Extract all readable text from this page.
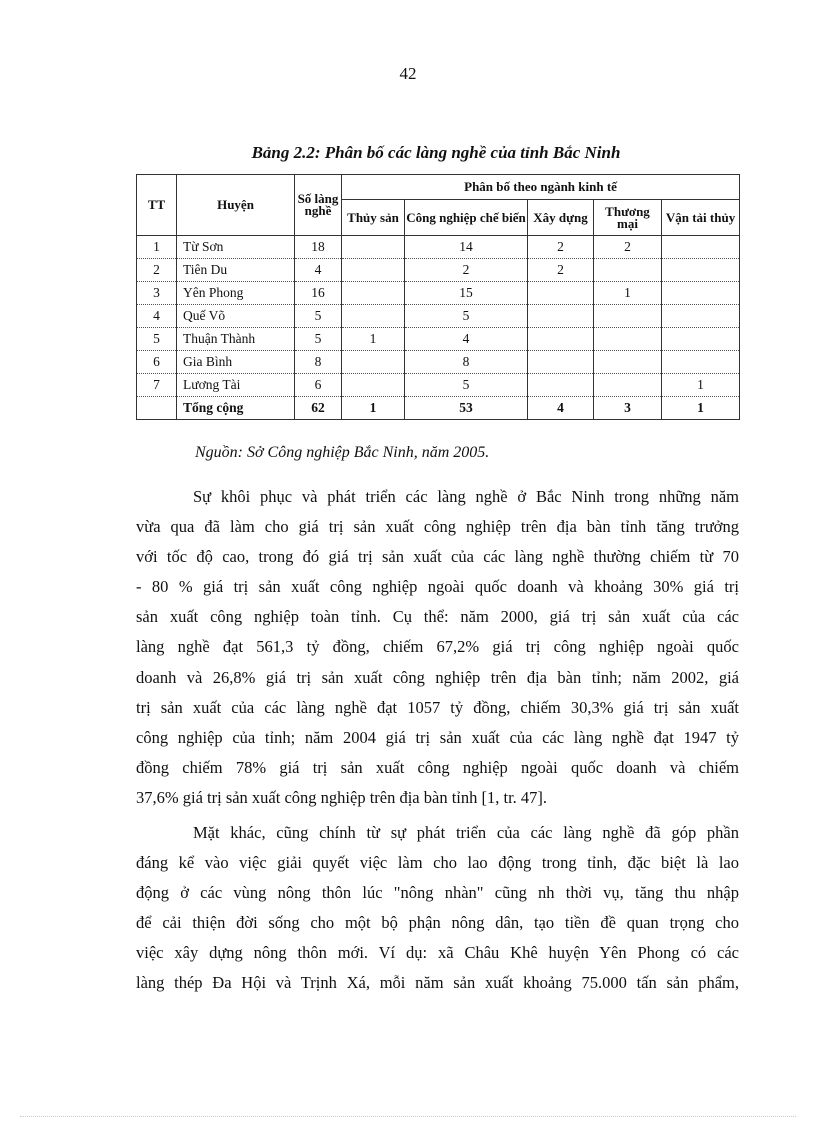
42
Bảng 2.2: Phân bố các làng nghề của tỉnh Bắc Ninh
TT	Huyện	Số làng nghề	Phân bố theo ngành kinh tế				
			Thủy sản	Công nghiệp chế biến	Xây dựng	Thương mại	Vận tải thủy
1	Từ Sơn	18		14	2	2	
2	Tiên Du	4		2	2		
3	Yên Phong	16		15		1	
4	Quế Võ	5		5			
5	Thuận Thành	5	1	4			
6	Gia Bình	8		8			
7	Lương Tài	6		5			1
	Tổng cộng	62	1	53	4	3	1
Nguồn: Sở Công nghiệp Bắc Ninh, năm 2005.

Sự khôi phục và phát triển các làng nghề ở Bắc Ninh trong những năm
vừa qua đã làm cho giá trị sản xuất công nghiệp trên địa bàn tỉnh tăng trưởng
với tốc độ cao, trong đó giá trị sản xuất của các làng nghề thường chiếm từ 70
- 80 % giá trị sản xuất công nghiệp ngoài quốc doanh và khoảng 30% giá trị
sản xuất công nghiệp toàn tỉnh. Cụ thể: năm 2000, giá trị sản xuất của các
làng nghề đạt 561,3 tỷ đồng, chiếm 67,2% giá trị công nghiệp ngoài quốc
doanh và 26,8% giá trị sản xuất công nghiệp trên địa bàn tỉnh; năm 2002, giá
trị sản xuất của các làng nghề đạt 1057 tỷ đồng, chiếm 30,3% giá trị sản xuất
công nghiệp của tỉnh; năm 2004 giá trị sản xuất của các làng nghề đạt 1947 tỷ
đồng chiếm 78% giá trị sản xuất công nghiệp ngoài quốc doanh và chiếm
37,6% giá trị sản xuất công nghiệp trên địa bàn tỉnh [1, tr. 47].

Mặt khác, cũng chính từ sự phát triển của các làng nghề đã góp phần
đáng kể vào việc giải quyết việc làm cho lao động trong tỉnh, đặc biệt là lao
động ở các vùng nông thôn lúc "nông nhàn" cũng nh thời vụ, tăng thu nhập
để cải thiện đời sống cho một bộ phận nông dân, tạo tiền đề quan trọng cho
việc xây dựng nông thôn mới. Ví dụ: xã Châu Khê huyện Yên Phong có các
làng thép Đa Hội và Trịnh Xá, mỗi năm sản xuất khoảng 75.000 tấn sản phẩm,
